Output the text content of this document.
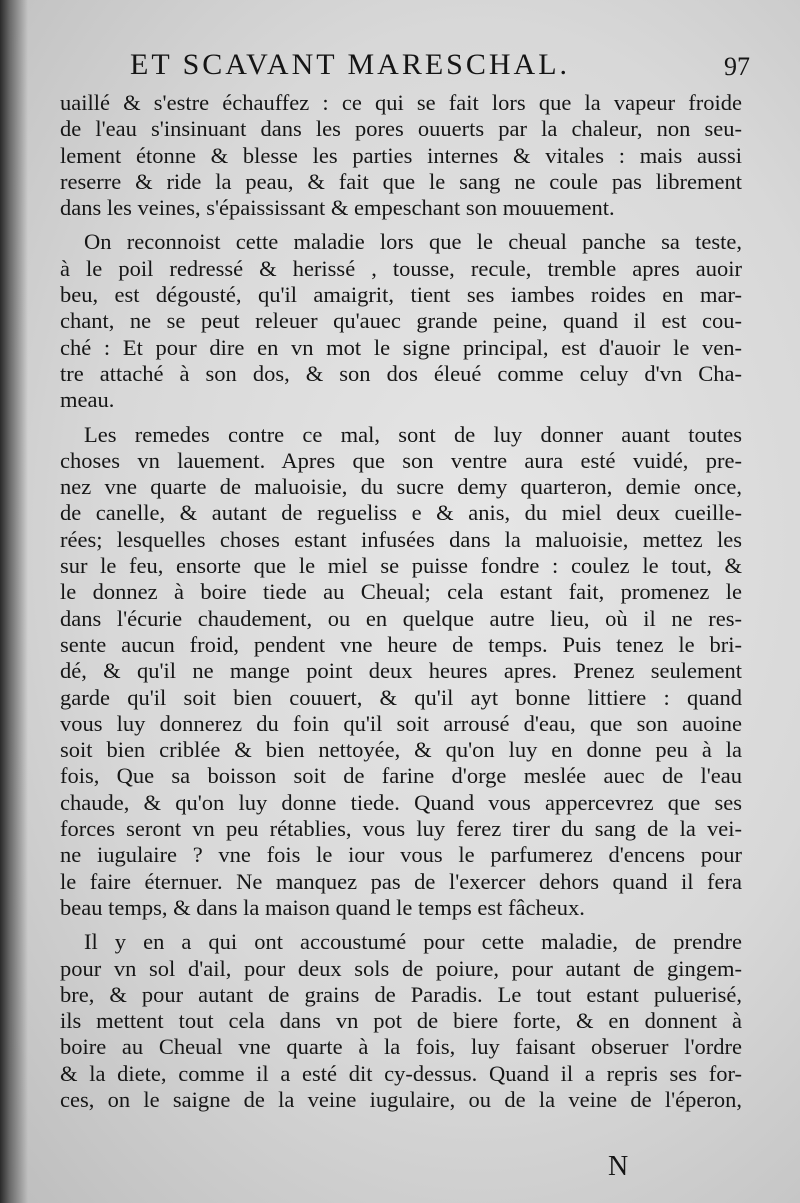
ET SCAVANT MARESCHAL.	97
uaillé & s'estre échauffez : ce qui se fait lors que la vapeur froide
de l'eau s'insinuant dans les pores ouuerts par la chaleur, non seu-
lement étonne & blesse les parties internes & vitales : mais aussi
reserre & ride la peau, & fait que le sang ne coule pas librement
dans les veines, s'épaississant & empeschant son mouuement.
On reconnoist cette maladie lors que le cheual panche sa teste,
à le poil redressé & herissé , tousse, recule, tremble apres auoir
beu, est dégousté, qu'il amaigrit, tient ses iambes roides en mar-
chant, ne se peut releuer qu'auec grande peine, quand il est cou-
ché : Et pour dire en vn mot le signe principal, est d'auoir le ven-
tre attaché à son dos, & son dos éleué comme celuy d'vn Cha-
meau.
Les remedes contre ce mal, sont de luy donner auant toutes
choses vn lauement. Apres que son ventre aura esté vuidé, pre-
nez vne quarte de maluoisie, du sucre demy quarteron, demie once,
de canelle, & autant de regueliss e & anis, du miel deux cueille-
rées; lesquelles choses estant infusées dans la maluoisie, mettez les
sur le feu, ensorte que le miel se puisse fondre : coulez le tout, &
le donnez à boire tiede au Cheual; cela estant fait, promenez le
dans l'écurie chaudement, ou en quelque autre lieu, où il ne res-
sente aucun froid, pendent vne heure de temps. Puis tenez le bri-
dé, & qu'il ne mange point deux heures apres. Prenez seulement
garde qu'il soit bien couuert, & qu'il ayt bonne littiere : quand
vous luy donnerez du foin qu'il soit arrousé d'eau, que son auoine
soit bien criblée & bien nettoyée, & qu'on luy en donne peu à la
fois, Que sa boisson soit de farine d'orge meslée auec de l'eau
chaude, & qu'on luy donne tiede. Quand vous appercevrez que ses
forces seront vn peu rétablies, vous luy ferez tirer du sang de la vei-
ne iugulaire ? vne fois le iour vous le parfumerez d'encens pour
le faire éternuer. Ne manquez pas de l'exercer dehors quand il fera
beau temps, & dans la maison quand le temps est fâcheux.
Il y en a qui ont accoustumé pour cette maladie, de prendre
pour vn sol d'ail, pour deux sols de poiure, pour autant de gingem-
bre, & pour autant de grains de Paradis. Le tout estant puluerisé,
ils mettent tout cela dans vn pot de biere forte, & en donnent à
boire au Cheual vne quarte à la fois, luy faisant obseruer l'ordre
& la diete, comme il a esté dit cy-dessus. Quand il a repris ses for-
ces, on le saigne de la veine iugulaire, ou de la veine de l'éperon,
N
